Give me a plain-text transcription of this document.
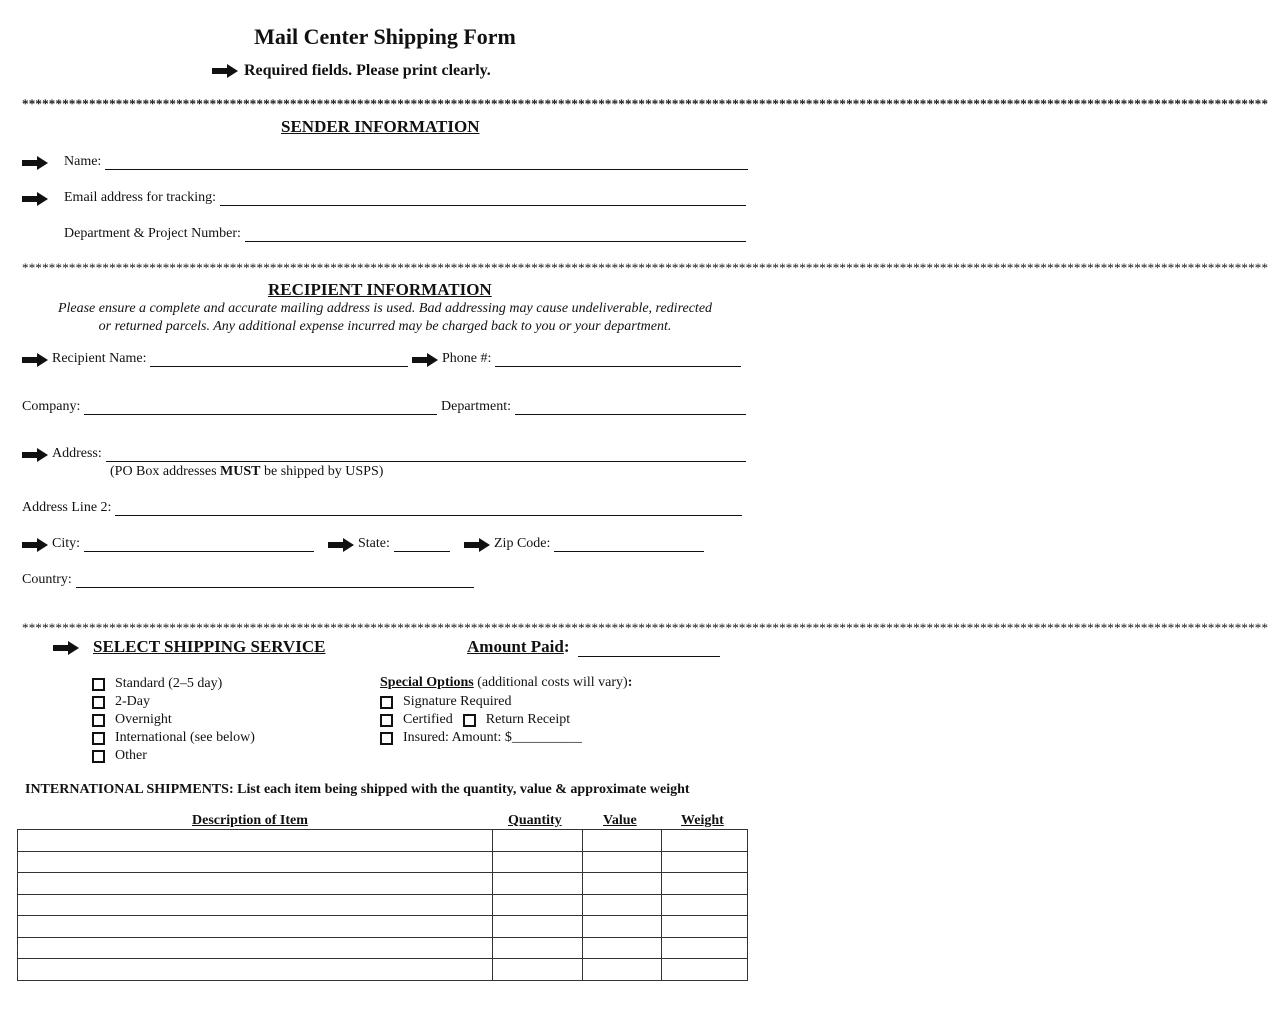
Mail Center Shipping Form
Required fields. Please print clearly.
******************************************************************************************************************************************************************************************
SENDER INFORMATION
Name:
Email address for tracking:
Department & Project Number:
******************************************************************************************************************************************************************************************
RECIPIENT INFORMATION
Please ensure a complete and accurate mailing address is used. Bad addressing may cause undeliverable, redirected
or returned parcels. Any additional expense incurred may be charged back to you or your department.
Recipient Name:	Phone #:
Company:	Department:
Address:
(PO Box addresses MUST be shipped by USPS)
Address Line 2:
City:	State:	Zip Code:
Country:
******************************************************************************************************************************************************************************************
SELECT SHIPPING SERVICE	Amount Paid :
Standard (2–5 day)
2-Day
Overnight
International (see below)
Other
Special Options (additional costs will vary):
Signature Required
Certified Return Receipt
Insured: Amount: $__________
INTERNATIONAL SHIPMENTS: List each item being shipped with the quantity, value & approximate weight
Description of Item	Quantity	Value	Weight
